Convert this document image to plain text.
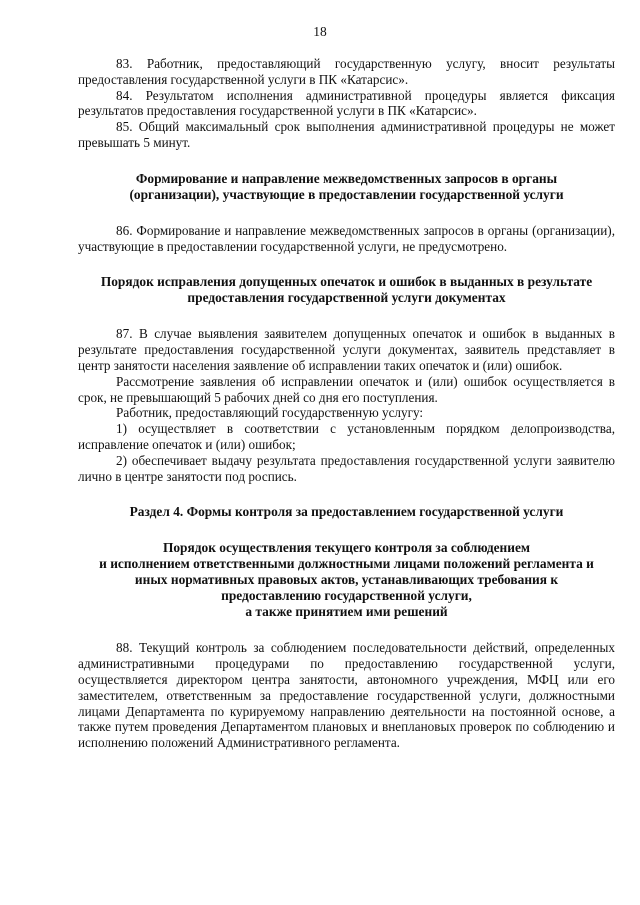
18

83. Работник, предоставляющий государственную услугу, вносит результаты предоставления государственной услуги в ПК «Катарсис».

84. Результатом исполнения административной процедуры является фиксация результатов предоставления государственной услуги в ПК «Катарсис».

85. Общий максимальный срок выполнения административной процедуры не может превышать 5 минут.

Формирование и направление межведомственных запросов в органы
(организации), участвующие в предоставлении государственной услуги

86. Формирование и направление межведомственных запросов в органы (организации), участвующие в предоставлении государственной услуги, не предусмотрено.

Порядок исправления допущенных опечаток и ошибок в выданных в результате
предоставления государственной услуги документах

87. В случае выявления заявителем допущенных опечаток и ошибок в выданных в результате предоставления государственной услуги документах, заявитель представляет в центр занятости населения заявление об исправлении таких опечаток и (или) ошибок.

Рассмотрение заявления об исправлении опечаток и (или) ошибок осуществляется в срок, не превышающий 5 рабочих дней со дня его поступления.

Работник, предоставляющий государственную услугу:

1) осуществляет в соответствии с установленным порядком делопроизводства, исправление опечаток и (или) ошибок;

2) обеспечивает выдачу результата предоставления государственной услуги заявителю лично в центре занятости под роспись.

Раздел 4. Формы контроля за предоставлением государственной услуги
Порядок осуществления текущего контроля за соблюдением
и исполнением ответственными должностными лицами положений регламента и
иных нормативных правовых актов, устанавливающих требования к
предоставлению государственной услуги,
а также принятием ими решений

88. Текущий контроль за соблюдением последовательности действий, определенных административными процедурами по предоставлению государственной услуги, осуществляется директором центра занятости, автономного учреждения, МФЦ или его заместителем, ответственным за предоставление государственной услуги, должностными лицами Департамента по курируемому направлению деятельности на постоянной основе, а также путем проведения Департаментом плановых и внеплановых проверок по соблюдению и исполнению положений Административного регламента.
